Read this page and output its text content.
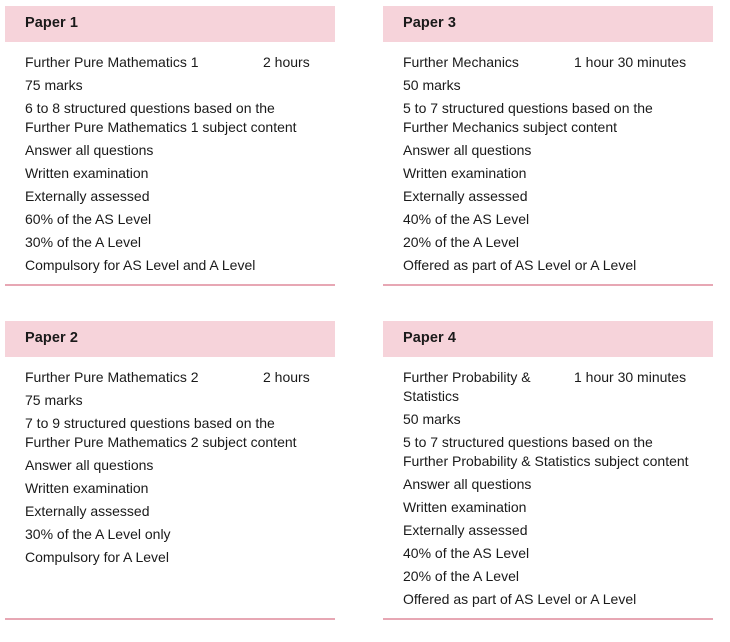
Paper 1
Further Pure Mathematics 1	2 hours
75 marks
6 to 8 structured questions based on the
Further Pure Mathematics 1 subject content
Answer all questions
Written examination
Externally assessed
60% of the AS Level
30% of the A Level
Compulsory for AS Level and A Level
Paper 3
Further Mechanics	1 hour 30 minutes
50 marks
5 to 7 structured questions based on the
Further Mechanics subject content
Answer all questions
Written examination
Externally assessed
40% of the AS Level
20% of the A Level
Offered as part of AS Level or A Level
Paper 2
Further Pure Mathematics 2	2 hours
75 marks
7 to 9 structured questions based on the
Further Pure Mathematics 2 subject content
Answer all questions
Written examination
Externally assessed
30% of the A Level only
Compulsory for A Level
Paper 4
Further Probability &
Statistics
1 hour 30 minutes
50 marks
5 to 7 structured questions based on the
Further Probability & Statistics subject content
Answer all questions
Written examination
Externally assessed
40% of the AS Level
20% of the A Level
Offered as part of AS Level or A Level
